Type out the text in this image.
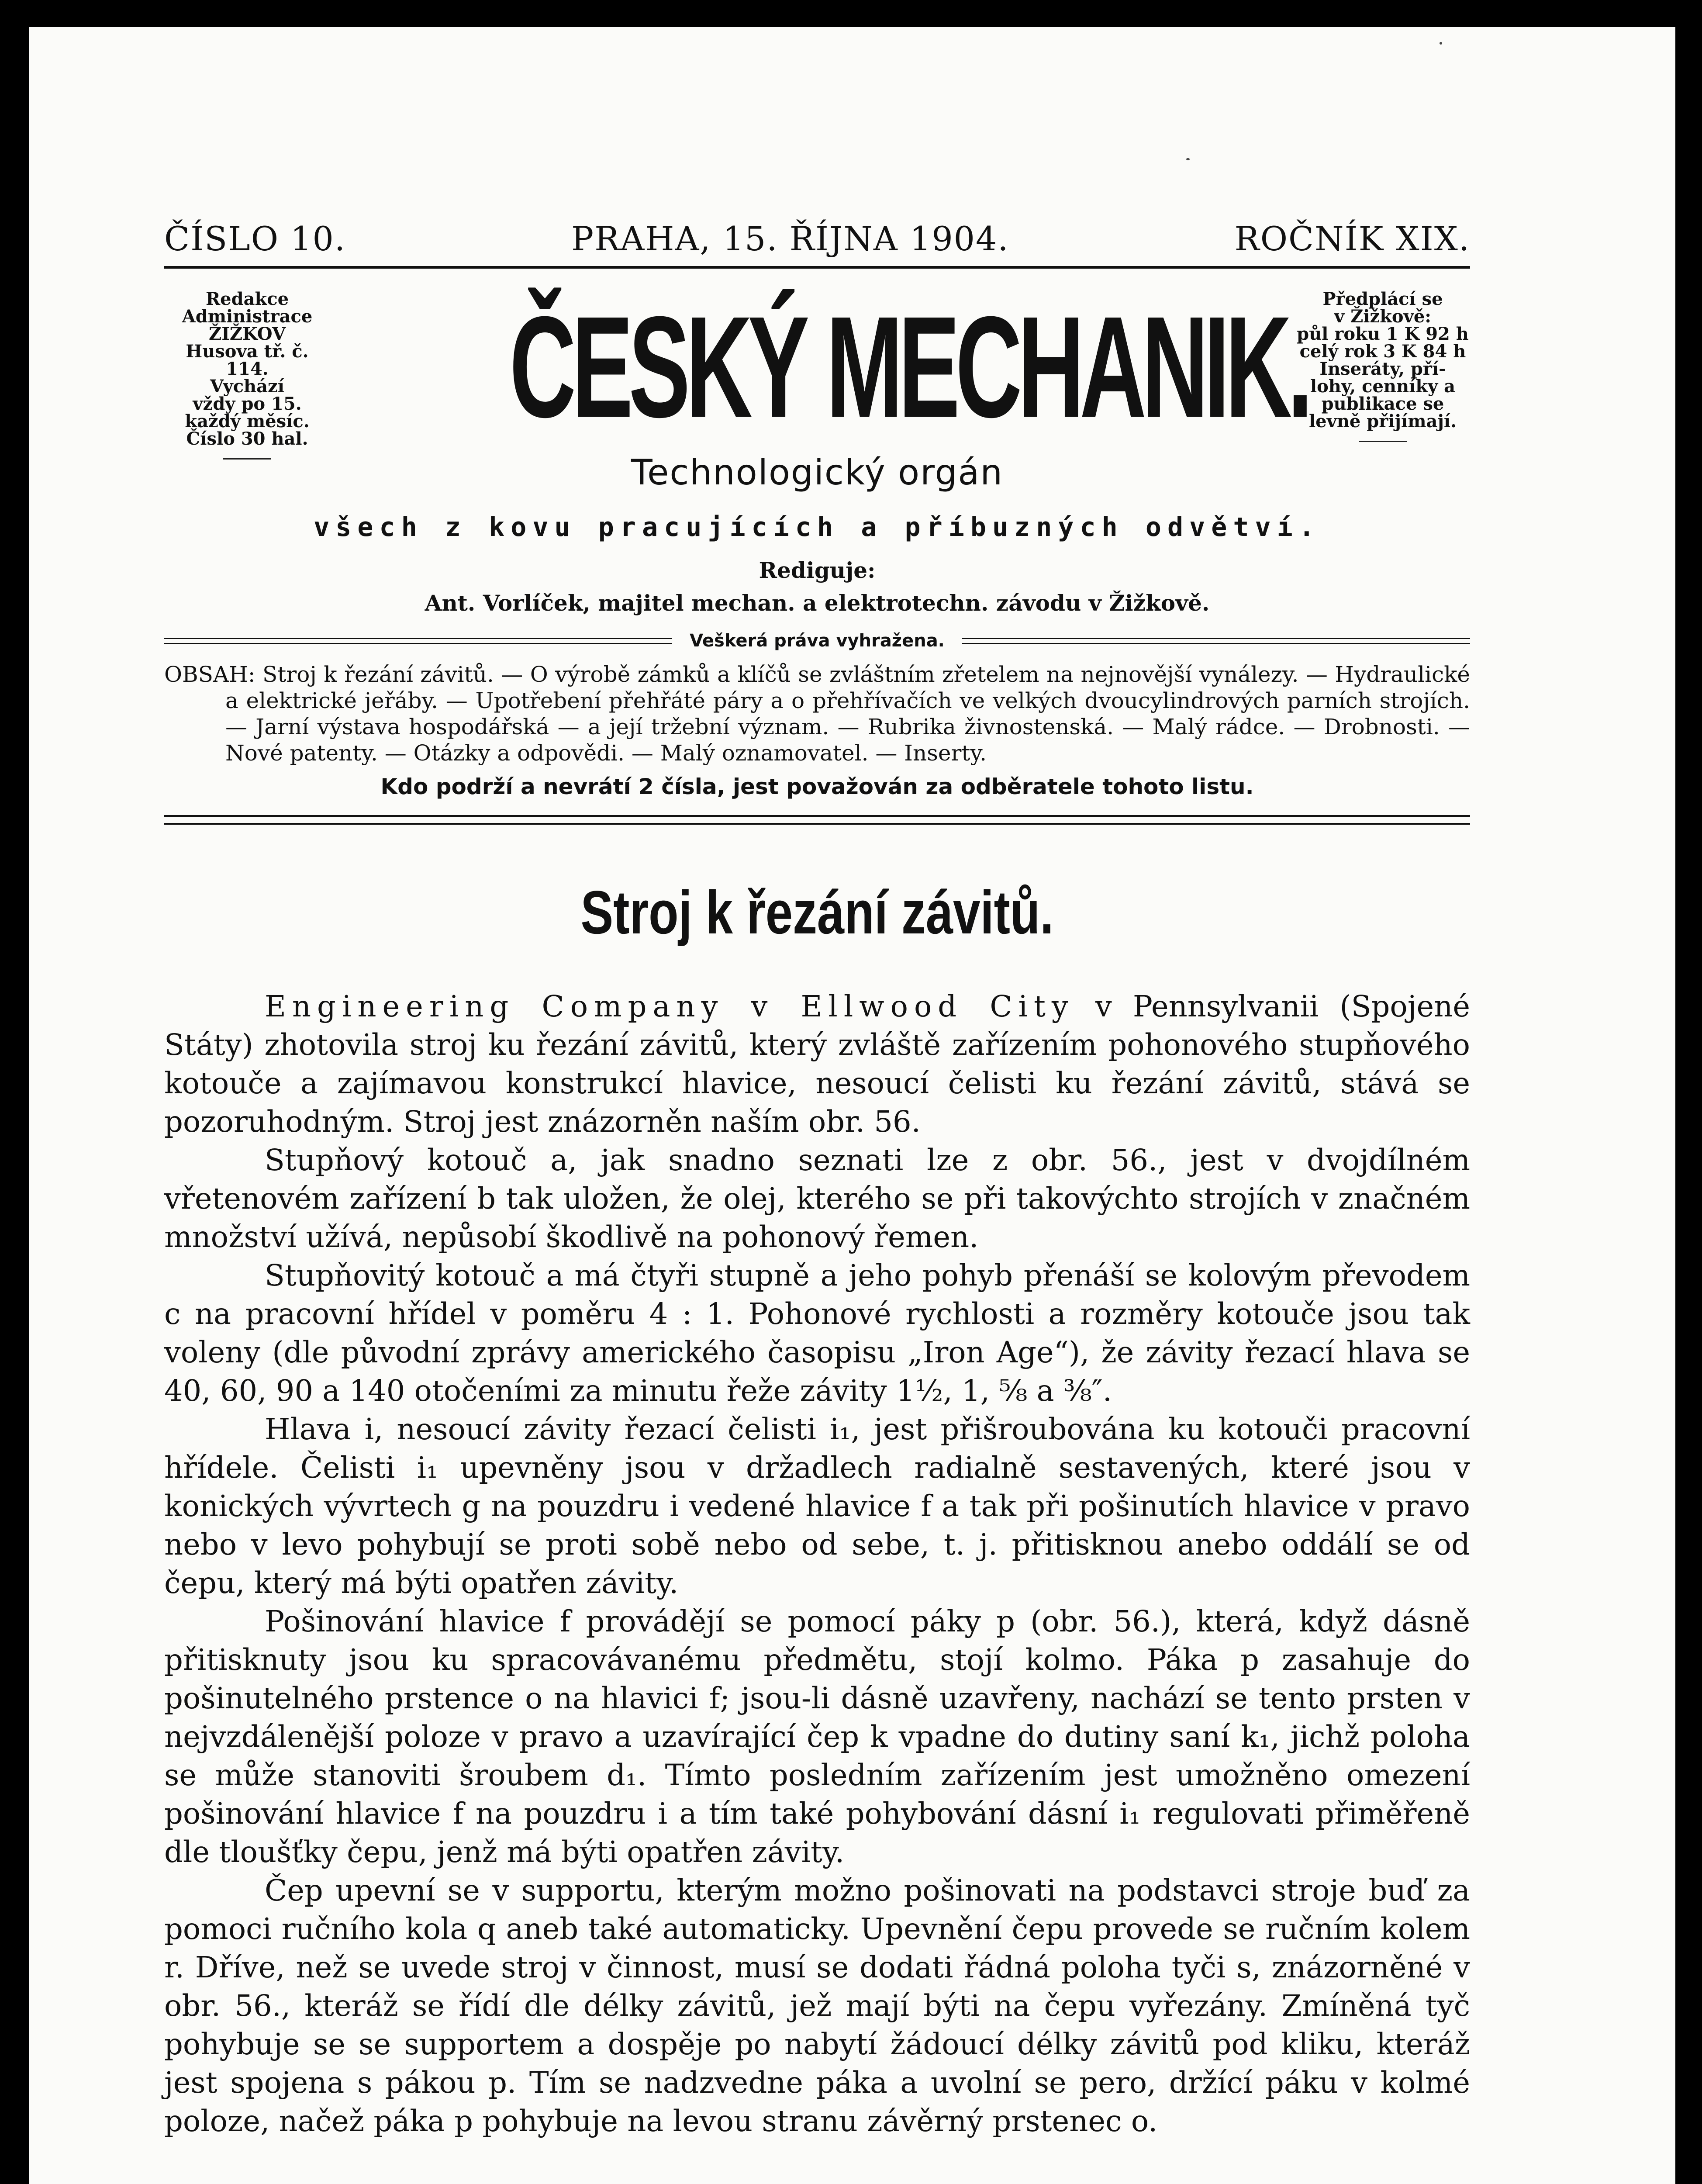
ČÍSLO 10.	PRAHA, 15. ŘÍJNA 1904.	ROČNÍK XIX.
Redakce
Administrace
ŽIŽKOV
Husova tř. č. 114.
Vychází
vždy po 15.
každý měsíc.
Číslo 30 hal. ČESKÝ MECHANIK. Předplácí se
v Žižkově:
půl roku 1 K 92 h
celý rok 3 K 84 h
Inseráty, pří-
lohy, cenníky a
publikace se
levně přijímají.
Technologický orgán
všech z kovu pracujících a příbuzných odvětví.
Rediguje:
Ant. Vorlíček, majitel mechan. a elektrotechn. závodu v Žižkově.
Veškerá práva vyhražena.
OBSAH: Stroj k řezání závitů. — O výrobě zámků a klíčů se zvláštním zřetelem na nejnovější vynálezy. — Hydraulické a elektrické jeřáby. — Upotřebení přehřáté páry a o přehřívačích ve velkých dvoucylindrových parních strojích. — Jarní výstava hospodářská — a její tržební význam. — Rubrika živnostenská. — Malý rádce. — Drobnosti. — Nové patenty. — Otázky a odpovědi. — Malý oznamovatel. — Inserty.
Kdo podrží a nevrátí 2 čísla, jest považován za odběratele tohoto listu.
Stroj k řezání závitů.

Engineering Company v Ellwood City v Pennsylvanii (Spojené Státy) zhotovila stroj ku řezání závitů, který zvláště zařízením pohonového stupňového kotouče a zajímavou konstrukcí hlavice, nesoucí čelisti ku řezání závitů, stává se pozoruhodným. Stroj jest znázorněn naším obr. 56.

Stupňový kotouč a, jak snadno seznati lze z obr. 56., jest v dvojdílném vřetenovém zařízení b tak uložen, že olej, kterého se při takovýchto strojích v značném množství užívá, nepůsobí škodlivě na pohonový řemen.

Stupňovitý kotouč a má čtyři stupně a jeho pohyb přenáší se kolovým převodem c na pracovní hřídel v poměru 4 : 1. Pohonové rychlosti a rozměry kotouče jsou tak voleny (dle původní zprávy amerického časopisu „Iron Age“), že závity řezací hlava se 40, 60, 90 a 140 otočeními za minutu řeže závity 1½, 1, ⅝ a ⅜″.

Hlava i, nesoucí závity řezací čelisti i₁, jest přišroubována ku kotouči pracovní hřídele. Čelisti i₁ upevněny jsou v držadlech radialně sestavených, které jsou v konických vývrtech g na pouzdru i vedené hlavice f a tak při pošinutích hlavice v pravo nebo v levo pohybují se proti sobě nebo od sebe, t. j. přitisknou anebo oddálí se od čepu, který má býti opatřen závity.

Pošinování hlavice f provádějí se pomocí páky p (obr. 56.), která, když dásně přitisknuty jsou ku spracovávanému předmětu, stojí kolmo. Páka p zasahuje do pošinutelného prstence o na hlavici f; jsou-li dásně uzavřeny, nachází se tento prsten v nejvzdálenější poloze v pravo a uzavírající čep k vpadne do dutiny saní k₁, jichž poloha se může stanoviti šroubem d₁. Tímto posledním zařízením jest umožněno omezení pošinování hlavice f na pouzdru i a tím také pohybování dásní i₁ regulovati přiměřeně dle tloušťky čepu, jenž má býti opatřen závity.

Čep upevní se v supportu, kterým možno pošinovati na podstavci stroje buď za pomoci ručního kola q aneb také automaticky. Upevnění čepu provede se ručním kolem r. Dříve, než se uvede stroj v činnost, musí se dodati řádná poloha tyči s, znázorněné v obr. 56., kteráž se řídí dle délky závitů, jež mají býti na čepu vyřezány. Zmíněná tyč pohybuje se se supportem a dospěje po nabytí žádoucí délky závitů pod kliku, kteráž jest spojena s pákou p. Tím se nadzvedne páka a uvolní se pero, držící páku v kolmé poloze, načež páka p pohybuje na levou stranu závěrný prstenec o.
